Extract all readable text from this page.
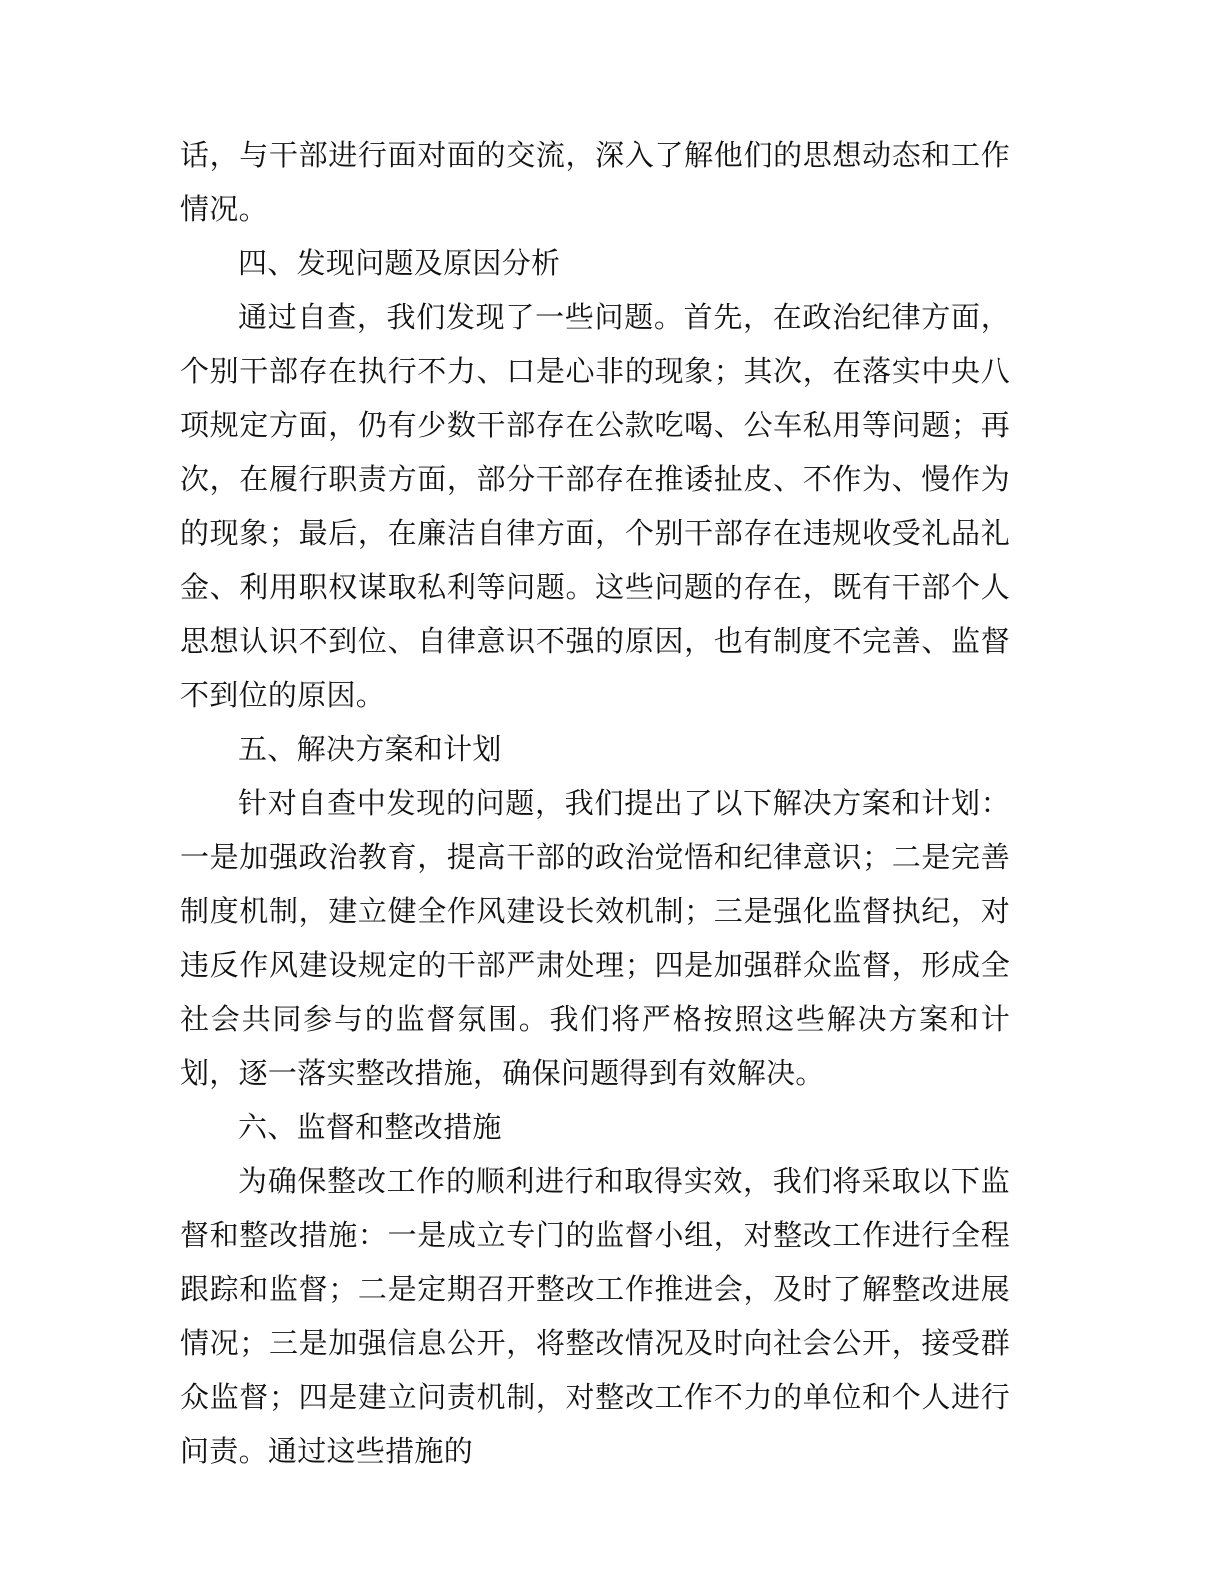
话，与干部进行面对面的交流，深入了解他们的思想动态和工作情况。

四、发现问题及原因分析

通过自查，我们发现了一些问题。首先，在政治纪律方面，个别干部存在执行不力、口是心非的现象；其次，在落实中央八项规定方面，仍有少数干部存在公款吃喝、公车私用等问题；再次，在履行职责方面，部分干部存在推诿扯皮、不作为、慢作为的现象；最后，在廉洁自律方面，个别干部存在违规收受礼品礼金、利用职权谋取私利等问题。这些问题的存在，既有干部个人思想认识不到位、自律意识不强的原因，也有制度不完善、监督不到位的原因。

五、解决方案和计划

针对自查中发现的问题，我们提出了以下解决方案和计划：一是加强政治教育，提高干部的政治觉悟和纪律意识；二是完善制度机制，建立健全作风建设长效机制；三是强化监督执纪，对违反作风建设规定的干部严肃处理；四是加强群众监督，形成全社会共同参与的监督氛围。我们将严格按照这些解决方案和计划，逐一落实整改措施，确保问题得到有效解决。

六、监督和整改措施

为确保整改工作的顺利进行和取得实效，我们将采取以下监督和整改措施：一是成立专门的监督小组，对整改工作进行全程跟踪和监督；二是定期召开整改工作推进会，及时了解整改进展情况；三是加强信息公开，将整改情况及时向社会公开，接受群众监督；四是建立问责机制，对整改工作不力的单位和个人进行问责。通过这些措施的
